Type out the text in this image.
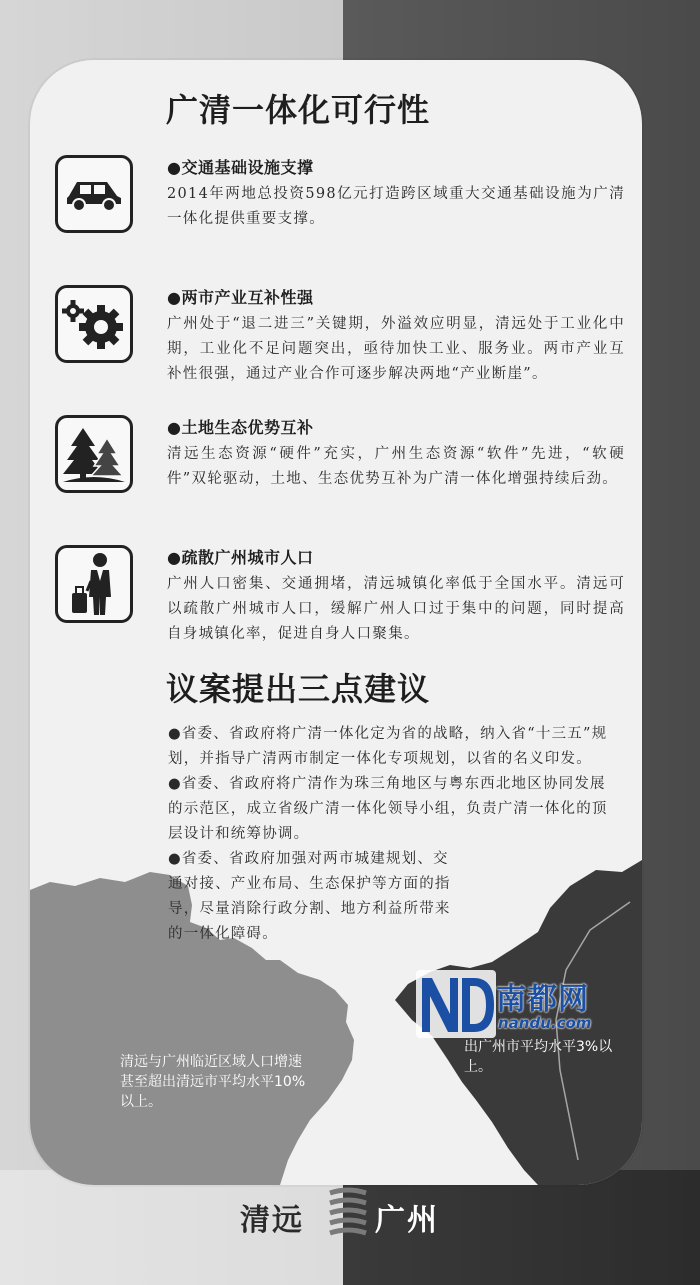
广清一体化可行性

●交通基础设施支撑

2014年两地总投资598亿元打造跨区域重大交通基础设施为广清一体化提供重要支撑。

●两市产业互补性强

广州处于“退二进三”关键期，外溢效应明显，清远处于工业化中期，工业化不足问题突出，亟待加快工业、服务业。两市产业互补性很强，通过产业合作可逐步解决两地“产业断崖”。

●土地生态优势互补

清远生态资源“硬件”充实，广州生态资源“软件”先进，“软硬件”双轮驱动，土地、生态优势互补为广清一体化增强持续后劲。

●疏散广州城市人口

广州人口密集、交通拥堵，清远城镇化率低于全国水平。清远可以疏散广州城市人口，缓解广州人口过于集中的问题，同时提高自身城镇化率，促进自身人口聚集。

议案提出三点建议

●省委、省政府将广清一体化定为省的战略，纳入省“十三五”规划，并指导广清两市制定一体化专项规划，以省的名义印发。

●省委、省政府将广清作为珠三角地区与粤东西北地区协同发展的示范区，成立省级广清一体化领导小组，负责广清一体化的顶层设计和统筹协调。

●省委、省政府加强对两市城建规划、交通对接、产业布局、生态保护等方面的指导，尽量消除行政分割、地方利益所带来的一体化障碍。

南都网

nandu.com

清远与广州临近区域人口增速甚至超出清远市平均水平10%以上。

出广州市平均水平3%以上。

清远 广州
